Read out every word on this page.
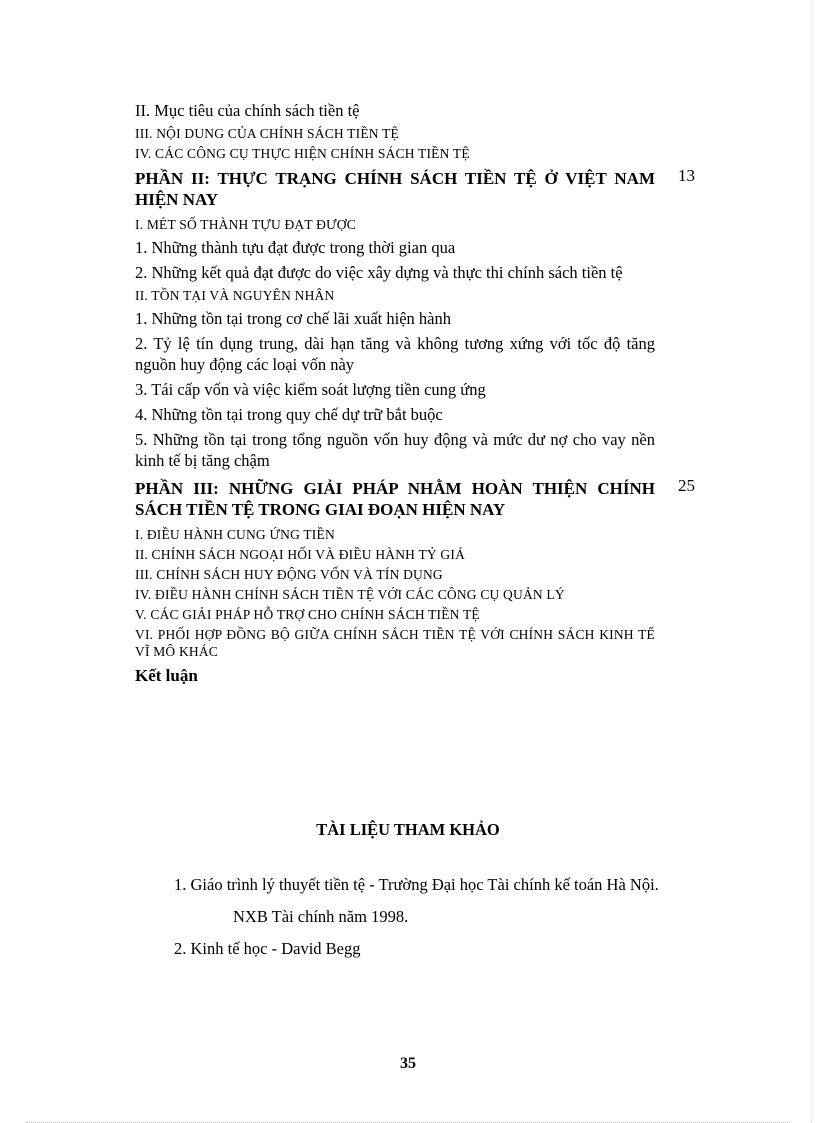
II. Mục tiêu của chính sách tiền tệ
III. NỘI DUNG CỦA CHÍNH SÁCH TIỀN TỆ
IV. CÁC CÔNG CỤ THỰC HIỆN CHÍNH SÁCH TIỀN TỆ
PHẦN II: THỰC TRẠNG CHÍNH SÁCH TIỀN TỆ Ở VIỆT NAM HIỆN NAY
13
I. MÉT SỐ THÀNH TỰU ĐẠT ĐƯỢC
1. Những thành tựu đạt được trong thời gian qua
2. Những kết quả đạt được do việc xây dựng và thực thi chính sách tiền tệ
II. TỒN TẠI VÀ NGUYÊN NHÂN
1. Những tồn tại trong cơ chế lãi xuất hiện hành
2. Tỷ lệ tín dụng trung, dài hạn tăng và không tương xứng với tốc độ tăng nguồn huy động các loại vốn này
3. Tái cấp vốn và việc kiểm soát lượng tiền cung ứng
4. Những tồn tại trong quy chế dự trữ bắt buộc
5. Những tồn tại trong tổng nguồn vốn huy động và mức dư nợ cho vay nền kinh tế bị tăng chậm
PHẦN III: NHỮNG GIẢI PHÁP NHẰM HOÀN THIỆN CHÍNH SÁCH TIỀN TỆ TRONG GIAI ĐOẠN HIỆN NAY
25
I. ĐIỀU HÀNH CUNG ỨNG TIỀN
II. CHÍNH SÁCH NGOẠI HỐI VÀ ĐIỀU HÀNH TỶ GIÁ
III. CHÍNH SÁCH HUY ĐỘNG VỐN VÀ TÍN DỤNG
IV. ĐIỀU HÀNH CHÍNH SÁCH TIỀN TỆ VỚI CÁC CÔNG CỤ QUẢN LÝ
V. CÁC GIẢI PHÁP HỖ TRỢ CHO CHÍNH SÁCH TIỀN TỆ
VI. PHỐI HỢP ĐỒNG BỘ GIỮA CHÍNH SÁCH TIỀN TỆ VỚI CHÍNH SÁCH KINH TẾ VĨ MÔ KHÁC
Kết luận
TÀI LIỆU THAM KHẢO

1. Giáo trình lý thuyết tiền tệ - Trường Đại học Tài chính kế toán Hà Nội.

NXB Tài chính năm 1998.

2. Kinh tế học - David Begg

35
